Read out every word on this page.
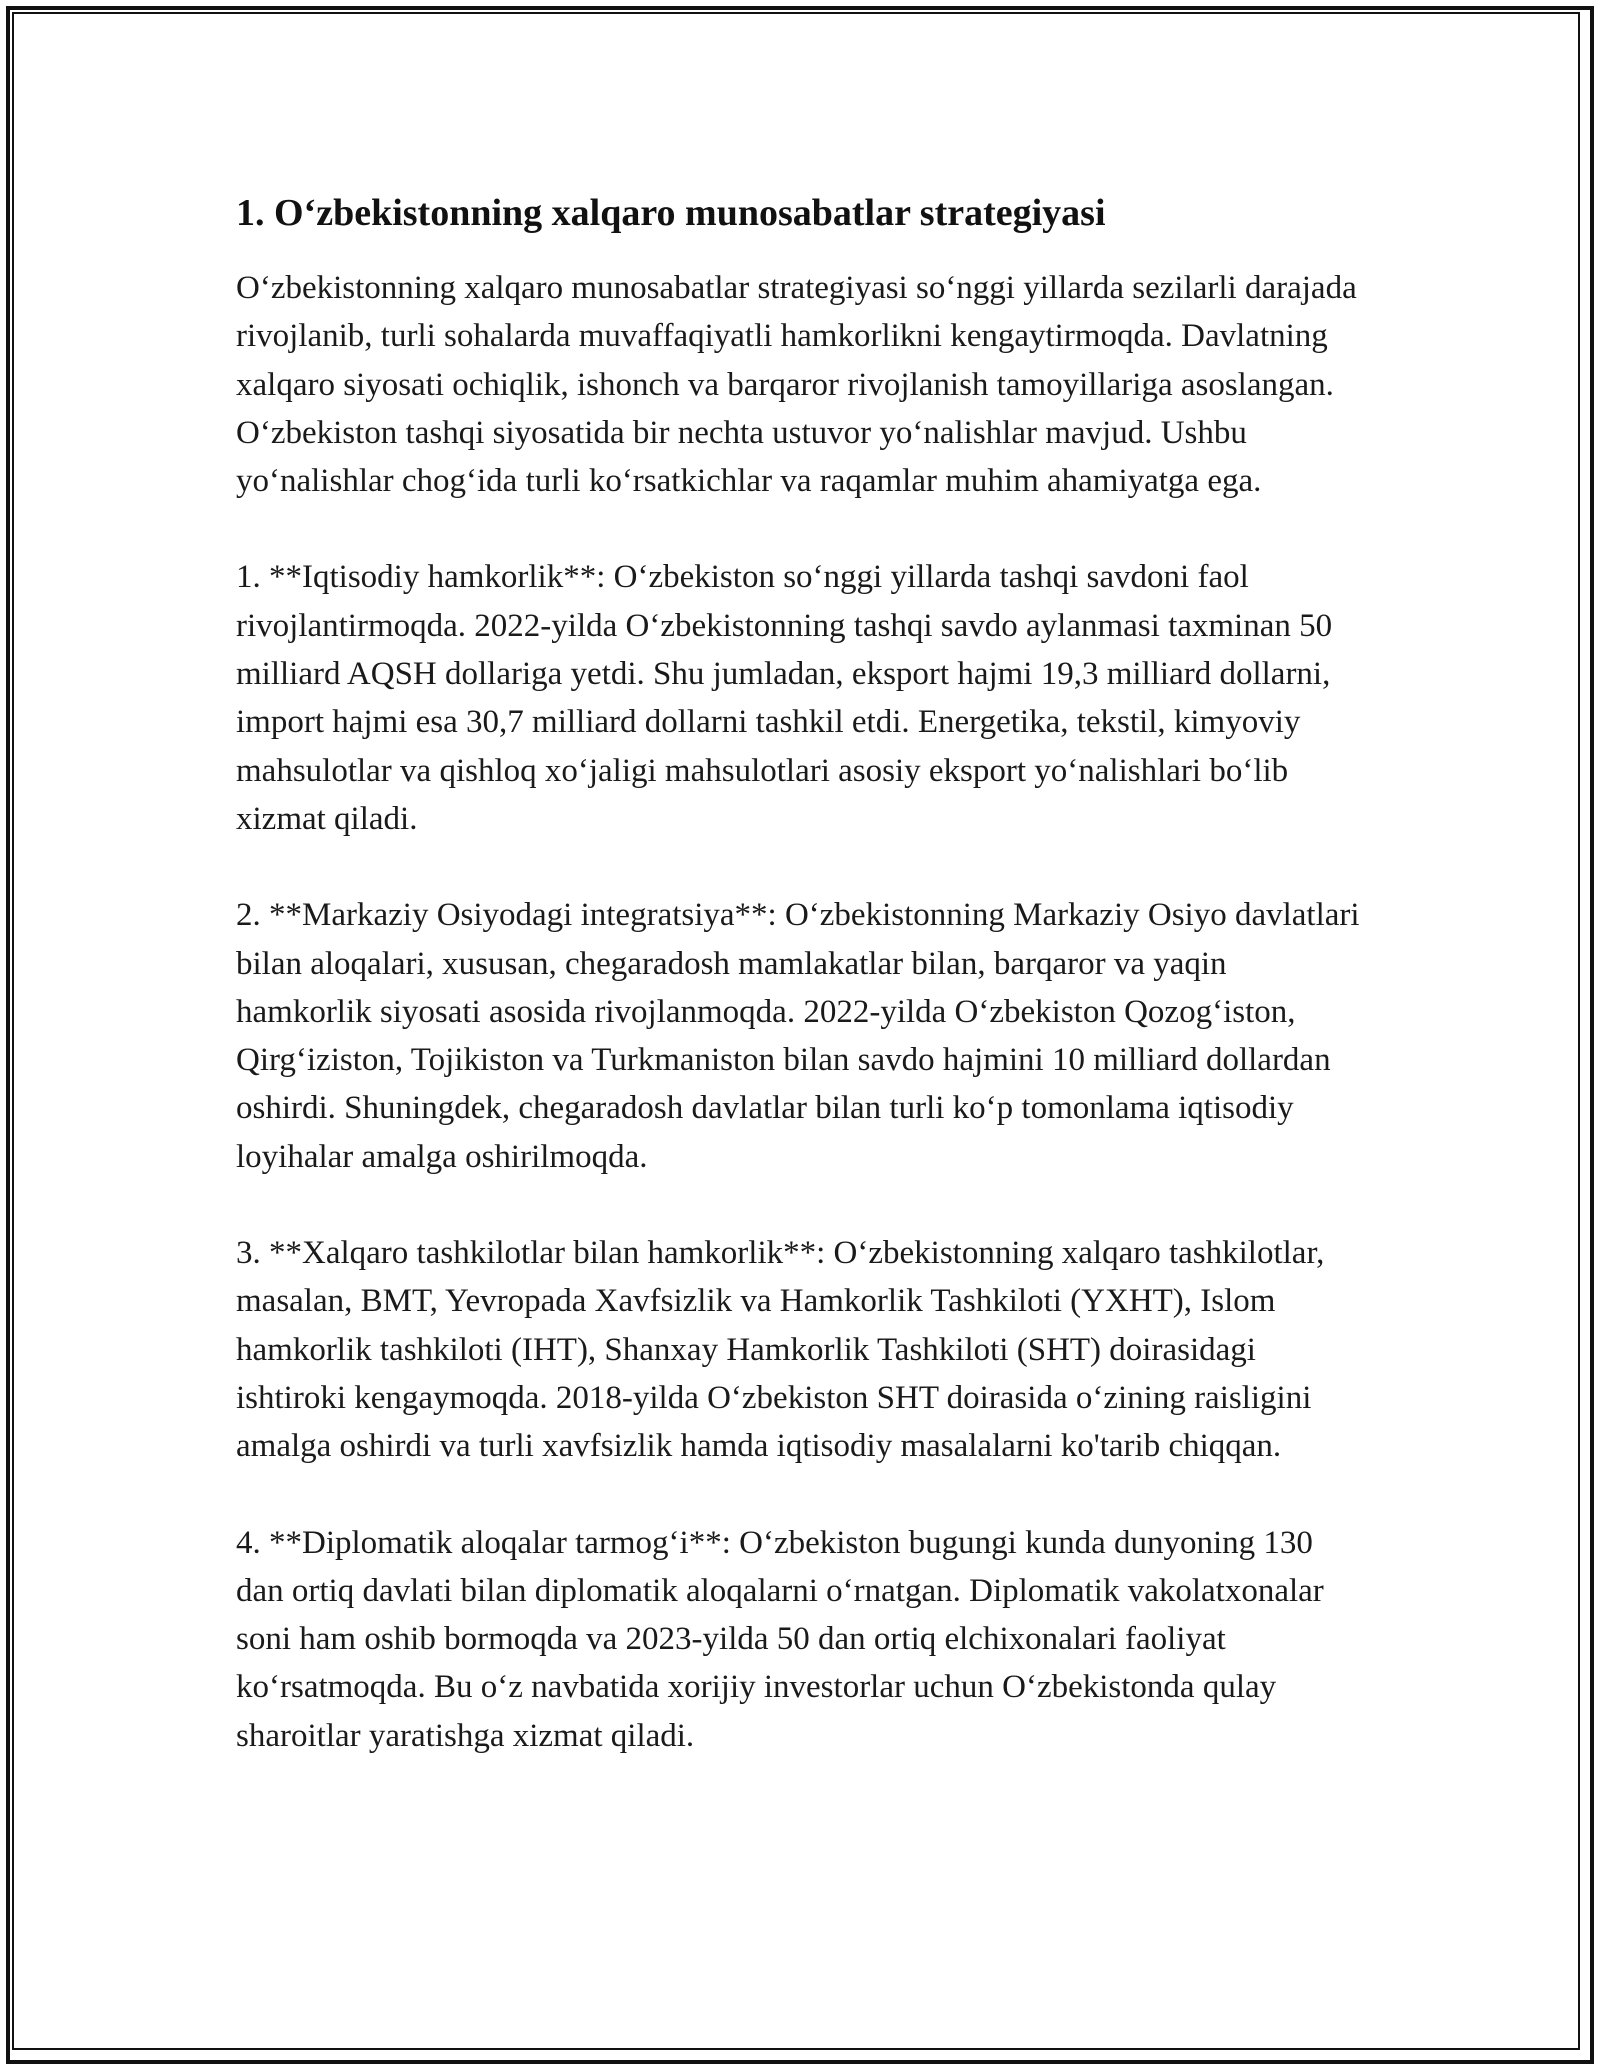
1. O‘zbekistonning xalqaro munosabatlar strategiyasi

O‘zbekistonning xalqaro munosabatlar strategiyasi so‘nggi yillarda sezilarli darajada rivojlanib, turli sohalarda muvaffaqiyatli hamkorlikni kengaytirmoqda. Davlatning xalqaro siyosati ochiqlik, ishonch va barqaror rivojlanish tamoyillariga asoslangan. O‘zbekiston tashqi siyosatida bir nechta ustuvor yo‘nalishlar mavjud. Ushbu yo‘nalishlar chog‘ida turli ko‘rsatkichlar va raqamlar muhim ahamiyatga ega.

1. **Iqtisodiy hamkorlik**: O‘zbekiston so‘nggi yillarda tashqi savdoni faol rivojlantirmoqda. 2022-yilda O‘zbekistonning tashqi savdo aylanmasi taxminan 50 milliard AQSH dollariga yetdi. Shu jumladan, eksport hajmi 19,3 milliard dollarni, import hajmi esa 30,7 milliard dollarni tashkil etdi. Energetika, tekstil, kimyoviy mahsulotlar va qishloq xo‘jaligi mahsulotlari asosiy eksport yo‘nalishlari bo‘lib xizmat qiladi.

2. **Markaziy Osiyodagi integratsiya**: O‘zbekistonning Markaziy Osiyo davlatlari bilan aloqalari, xususan, chegaradosh mamlakatlar bilan, barqaror va yaqin hamkorlik siyosati asosida rivojlanmoqda. 2022-yilda O‘zbekiston Qozog‘iston, Qirg‘iziston, Tojikiston va Turkmaniston bilan savdo hajmini 10 milliard dollardan oshirdi. Shuningdek, chegaradosh davlatlar bilan turli ko‘p tomonlama iqtisodiy loyihalar amalga oshirilmoqda.

3. **Xalqaro tashkilotlar bilan hamkorlik**: O‘zbekistonning xalqaro tashkilotlar, masalan, BMT, Yevropada Xavfsizlik va Hamkorlik Tashkiloti (YXHT), Islom hamkorlik tashkiloti (IHT), Shanxay Hamkorlik Tashkiloti (SHT) doirasidagi ishtiroki kengaymoqda. 2018-yilda O‘zbekiston SHT doirasida o‘zining raisligini amalga oshirdi va turli xavfsizlik hamda iqtisodiy masalalarni ko'tarib chiqqan.

4. **Diplomatik aloqalar tarmog‘i**: O‘zbekiston bugungi kunda dunyoning 130 dan ortiq davlati bilan diplomatik aloqalarni o‘rnatgan. Diplomatik vakolatxonalar soni ham oshib bormoqda va 2023-yilda 50 dan ortiq elchixonalari faoliyat ko‘rsatmoqda. Bu o‘z navbatida xorijiy investorlar uchun O‘zbekistonda qulay sharoitlar yaratishga xizmat qiladi.
